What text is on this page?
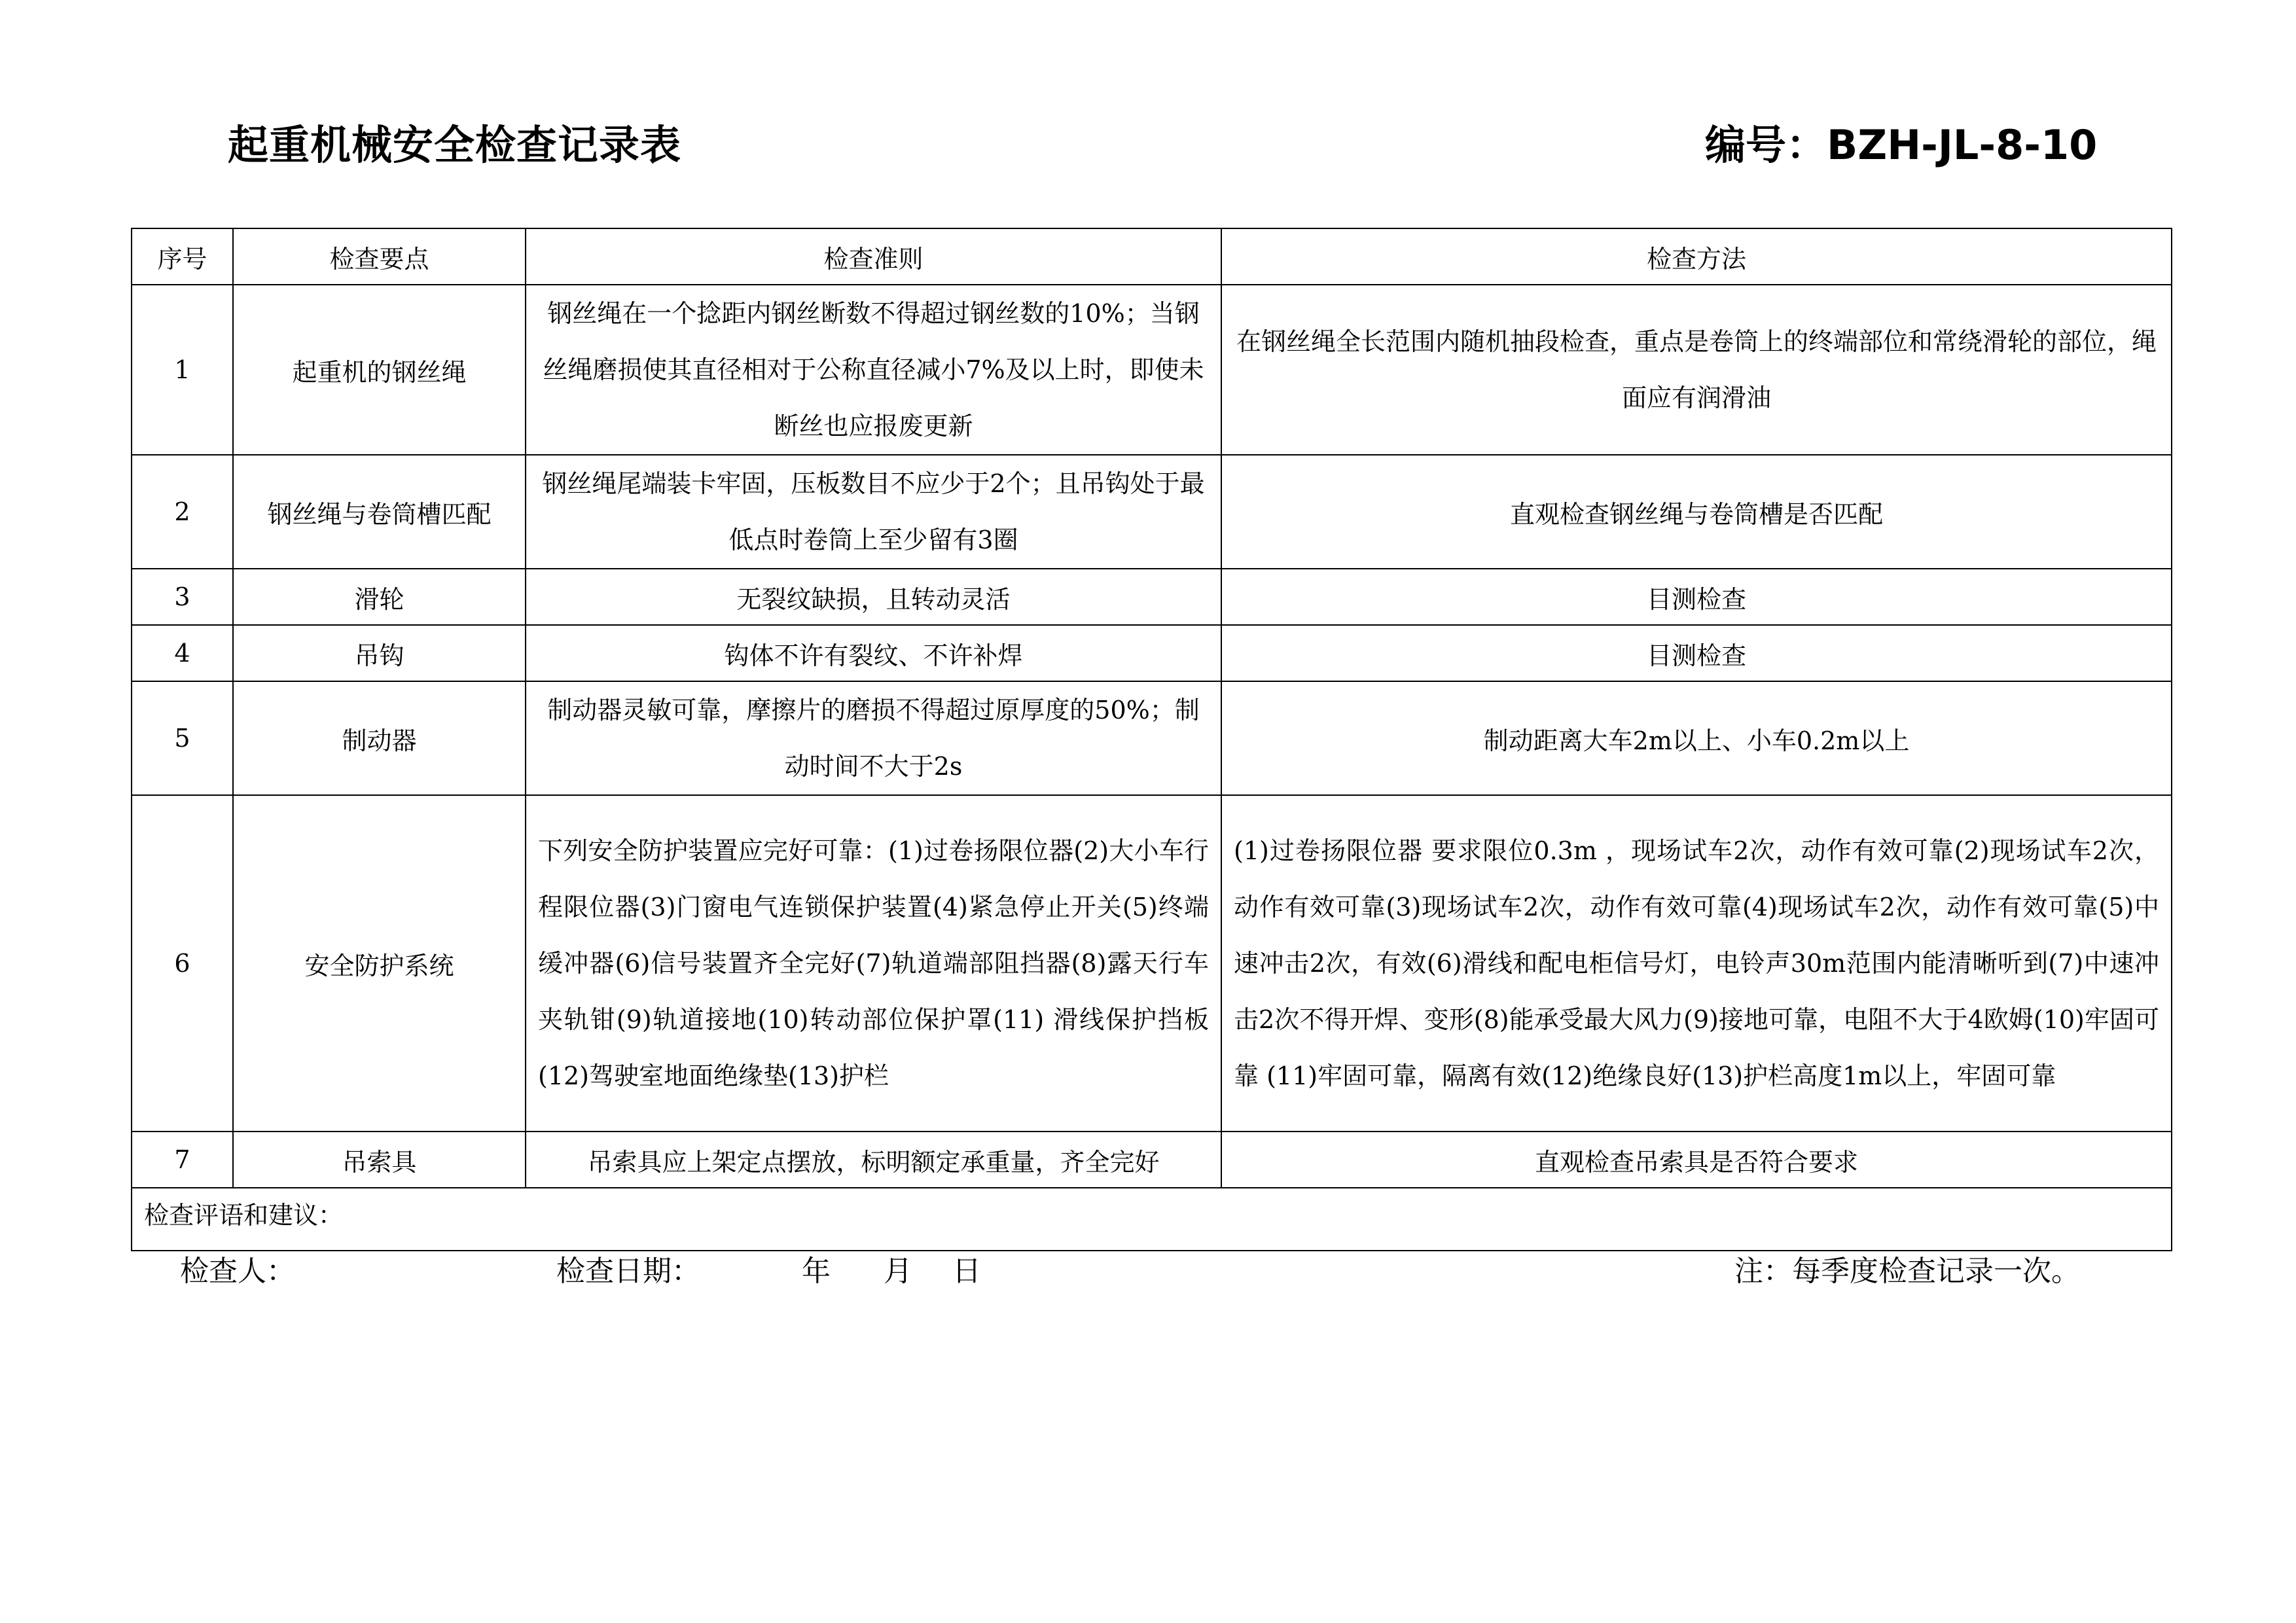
起重机械安全检查记录表	编号：BZH-JL-8-10
序号	检查要点	检查准则	检查方法
1	起重机的钢丝绳	钢丝绳在一个捻距内钢丝断数不得超过钢丝数的10%；当钢丝绳磨损使其直径相对于公称直径减小7%及以上时，即使未断丝也应报废更新	在钢丝绳全长范围内随机抽段检查，重点是卷筒上的终端部位和常绕滑轮的部位，绳面应有润滑油
2	钢丝绳与卷筒槽匹配	钢丝绳尾端装卡牢固，压板数目不应少于2个；且吊钩处于最低点时卷筒上至少留有3圈	直观检查钢丝绳与卷筒槽是否匹配
3	滑轮	无裂纹缺损，且转动灵活	目测检查
4	吊钩	钩体不许有裂纹、不许补焊	目测检查
5	制动器	制动器灵敏可靠，摩擦片的磨损不得超过原厚度的50%；制动时间不大于2s	制动距离大车2m以上、小车0.2m以上
6	安全防护系统	下列安全防护装置应完好可靠：(1)过卷扬限位器(2)大小车行程限位器(3)门窗电气连锁保护装置(4)紧急停止开关(5)终端缓冲器(6)信号装置齐全完好(7)轨道端部阻挡器(8)露天行车夹轨钳(9)轨道接地(10)转动部位保护罩(11) 滑线保护挡板 (12)驾驶室地面绝缘垫(13)护栏	(1)过卷扬限位器 要求限位0.3m ，现场试车2次，动作有效可靠(2)现场试车2次，动作有效可靠(3)现场试车2次，动作有效可靠(4)现场试车2次，动作有效可靠(5)中速冲击2次，有效(6)滑线和配电柜信号灯，电铃声30m范围内能清晰听到(7)中速冲击2次不得开焊、变形(8)能承受最大风力(9)接地可靠，电阻不大于4欧姆(10)牢固可靠 (11)牢固可靠，隔离有效(12)绝缘良好(13)护栏高度1m以上，牢固可靠
7	吊索具	吊索具应上架定点摆放，标明额定承重量，齐全完好	直观检查吊索具是否符合要求
检查评语和建议：			
检查人：	检查日期：	年 月 日	注：每季度检查记录一次。
